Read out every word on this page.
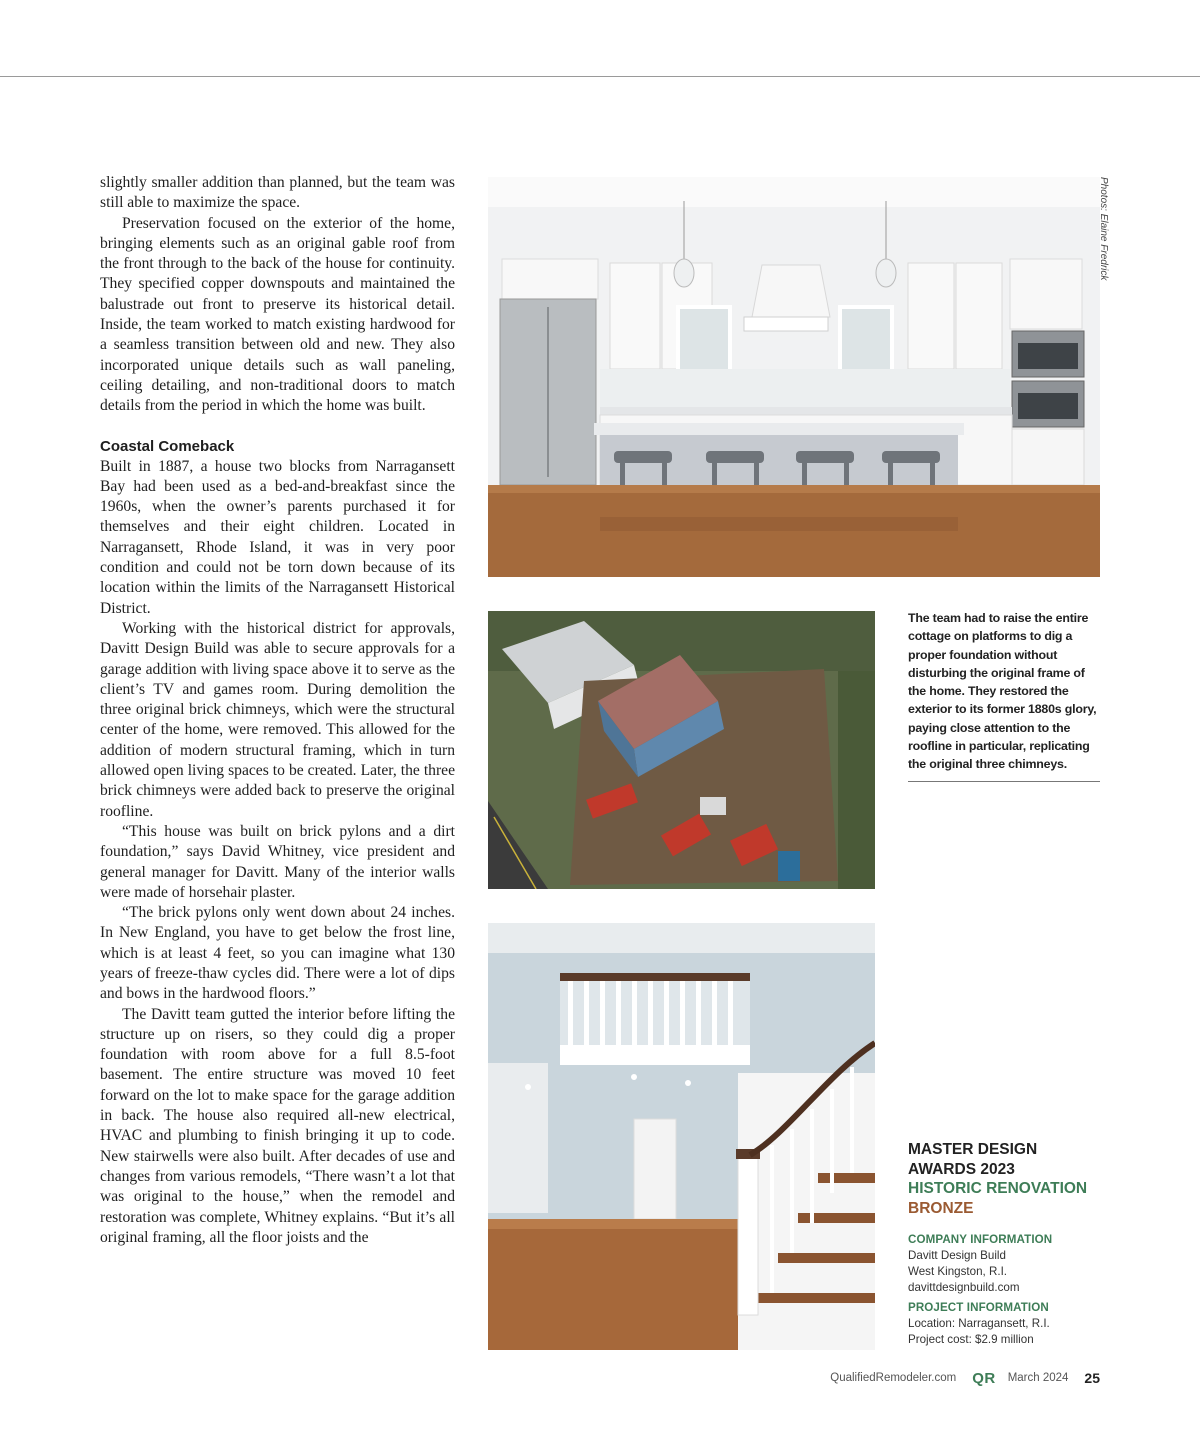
slightly smaller addition than planned, but the team was still able to maximize the space.

Preservation focused on the exterior of the home, bringing elements such as an original gable roof from the front through to the back of the house for continuity. They specified copper downspouts and maintained the balustrade out front to preserve its historical detail. Inside, the team worked to match existing hardwood for a seamless transition between old and new. They also incorporated unique details such as wall paneling, ceiling detailing, and non-traditional doors to match details from the period in which the home was built.

Coastal Comeback

Built in 1887, a house two blocks from Narragansett Bay had been used as a bed-and-breakfast since the 1960s, when the owner’s parents purchased it for themselves and their eight children. Located in Narragansett, Rhode Island, it was in very poor condition and could not be torn down because of its location within the limits of the Narragansett Historical District.

Working with the historical district for approvals, Davitt Design Build was able to secure approvals for a garage addition with living space above it to serve as the client’s TV and games room. During demolition the three original brick chimneys, which were the structural center of the home, were removed. This allowed for the addition of modern structural framing, which in turn allowed open living spaces to be created. Later, the three brick chimneys were added back to preserve the original roofline.

“This house was built on brick pylons and a dirt foundation,” says David Whitney, vice president and general manager for Davitt. Many of the interior walls were made of horsehair plaster.

“The brick pylons only went down about 24 inches. In New England, you have to get below the frost line, which is at least 4 feet, so you can imagine what 130 years of freeze-thaw cycles did. There were a lot of dips and bows in the hardwood floors.”

The Davitt team gutted the interior before lifting the structure up on risers, so they could dig a proper foundation with room above for a full 8.5-foot basement. The entire structure was moved 10 feet forward on the lot to make space for the garage addition in back. The house also required all-new electrical, HVAC and plumbing to finish bringing it up to code. New stairwells were also built. After decades of use and changes from various remodels, “There wasn’t a lot that was original to the house,” when the remodel and restoration was complete, Whitney explains. “But it’s all original framing, all the floor joists and the

Photos: Elaine Fredrick
The team had to raise the entire cottage on platforms to dig a proper foundation without disturbing the original frame of the home. They restored the exterior to its former 1880s glory, paying close attention to the roofline in particular, replicating the original three chimneys.
MASTER DESIGN
AWARDS 2023
HISTORIC RENOVATION
BRONZE
COMPANY INFORMATION
Davitt Design Build
West Kingston, R.I.
davittdesignbuild.com
PROJECT INFORMATION
Location: Narragansett, R.I.
Project cost: $2.9 million
QualifiedRemodeler.com QR March 2024 25
